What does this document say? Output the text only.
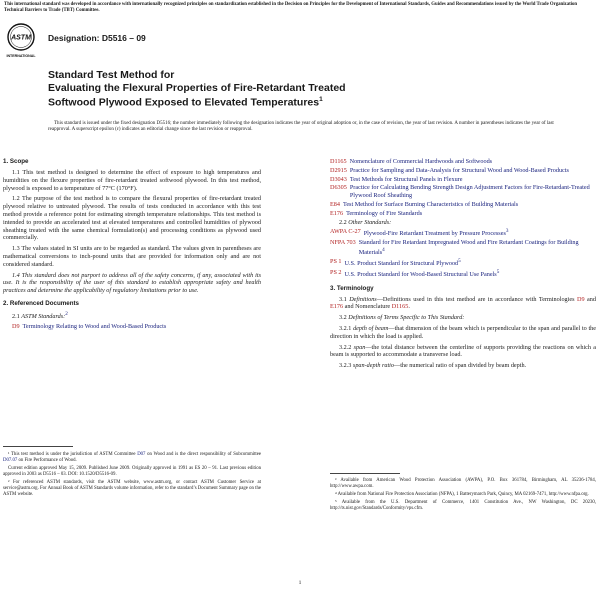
This international standard was developed in accordance with internationally recognized principles on standardization established in the Decision on Principles for the Development of International Standards, Guides and Recommendations issued by the World Trade Organization Technical Barriers to Trade (TBT) Committee.
ASTM
INTERNATIONAL
Designation: D5516 – 09
Standard Test Method for
Evaluating the Flexural Properties of Fire-Retardant Treated
Softwood Plywood Exposed to Elevated Temperatures$^1$
This standard is issued under the fixed designation D5516; the number immediately following the designation indicates the year of original adoption or, in the case of revision, the year of last revision. A number in parentheses indicates the year of last reapproval. A superscript epsilon (ε) indicates an editorial change since the last revision or reapproval.
1. Scope

1.1 This test method is designed to determine the effect of exposure to high temperatures and humidities on the flexure properties of fire-retardant treated softwood plywood. In this test method, plywood is exposed to a temperature of 77°C (170°F).

1.2 The purpose of the test method is to compare the flexural properties of fire-retardant treated plywood relative to untreated plywood. The results of tests conducted in accordance with this test method provide a reference point for estimating strength temperature relationships. This test method is intended to provide an accelerated test at elevated temperatures and controlled humidities of plywood sheathing treated with the same chemical formulation(s) and processing conditions as plywood used commercially.

1.3 The values stated in SI units are to be regarded as standard. The values given in parentheses are mathematical conversions to inch-pound units that are provided for information only and are not considered standard.

1.4 This standard does not purport to address all of the safety concerns, if any, associated with its use. It is the responsibility of the user of this standard to establish appropriate safety and health practices and determine the applicability of regulatory limitations prior to use.

2. Referenced Documents
2.1 ASTM Standards:$^2$
D9 Terminology Relating to Wood and Wood-Based Products

¹ This test method is under the jurisdiction of ASTM Committee D07 on Wood and is the direct responsibility of Subcommittee D07.07 on Fire Performance of Wood.

Current edition approved May 15, 2009. Published June 2009. Originally approved in 1991 as ES 20 – 91. Last previous edition approved in 2003 as D5516 – 03. DOI: 10.1520/D5516-09.

² For referenced ASTM standards, visit the ASTM website, www.astm.org, or contact ASTM Customer Service at service@astm.org. For Annual Book of ASTM Standards volume information, refer to the standard’s Document Summary page on the ASTM website.

D1165 Nomenclature of Commercial Hardwoods and Softwoods
D2915 Practice for Sampling and Data-Analysis for Structural Wood and Wood-Based Products
D3043 Test Methods for Structural Panels in Flexure
D6305 Practice for Calculating Bending Strength Design Adjustment Factors for Fire-Retardant-Treated Plywood Roof Sheathing
E84 Test Method for Surface Burning Characteristics of Building Materials
E176 Terminology of Fire Standards
2.2 Other Standards:
AWPA C-27 Plywood-Fire Retardant Treatment by Pressure Processes$^3$
NFPA 703 Standard for Fire Retardant Impregnated Wood and Fire Retardant Coatings for Building Materials$^4$
PS 1 U.S. Product Standard for Structural Plywood$^5$
PS 2 U.S. Product Standard for Wood-Based Structural Use Panels$^5$
3. Terminology

3.1 Definitions—Definitions used in this test method are in accordance with Terminologies D9 and E176 and Nomenclature D1165.

3.2 Definitions of Terms Specific to This Standard:

3.2.1 depth of beam—that dimension of the beam which is perpendicular to the span and parallel to the direction in which the load is applied.

3.2.2 span—the total distance between the centerline of supports providing the reactions on which a beam is supported to accommodate a transverse load.

3.2.3 span-depth ratio—the numerical ratio of span divided by beam depth.

³ Available from American Wood Protection Association (AWPA), P.O. Box 361784, Birmingham, AL 35236-1784, http://www.awpa.com.

⁴ Available from National Fire Protection Association (NFPA), 1 Batterymarch Park, Quincy, MA 02169-7471, http://www.nfpa.org.

⁵ Available from the U.S. Department of Commerce, 1401 Constitution Ave., NW Washington, DC 20230, http://ts.nist.gov/Standards/Conformity/vps.cfm.

1
